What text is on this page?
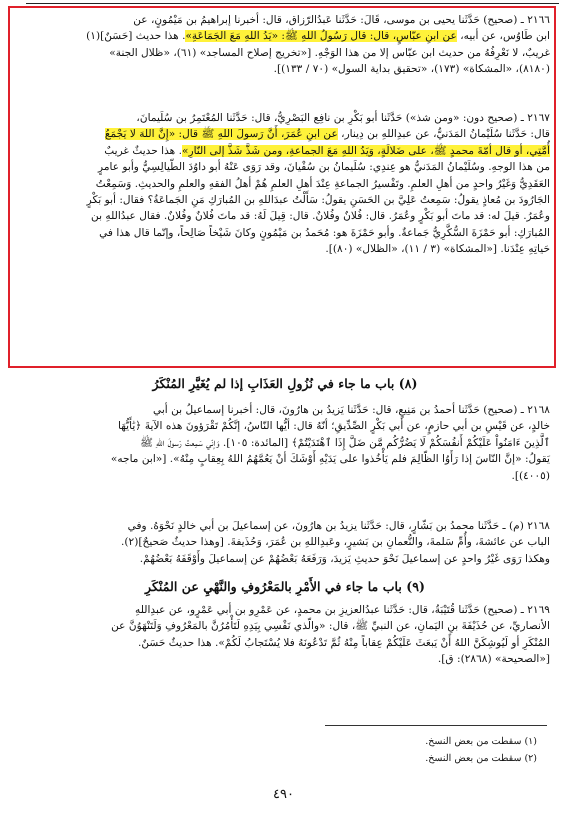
٢١٦٦ ـ (صحيح) حَدَّثَنا يحيى بن موسى، قَالَ: حَدَّثَنا عَبدُالرّزاق، قال: أخبرنا إبراهيمُ بن مَيْمُونٍ، عن
ابن طَاوُس، عن أبيه، عن ابنِ عبّاسٍ، قال: قال رَسُولُ اللهِ ﷺ: «يَدُ اللهِ مَعَ الجَمَاعَةِ». هذا حديث [حَسَنٌ](١)
غريبٌ، لا نَعْرِفُهُ من حديث ابن عبّاس إلا من هذا الوَجْهِ. [«تخريج إصلاح المساجد» (٦١)، «ظلال الجنة»
(٨١٨٠)، «المشكاة» (١٧٣)، «تحقيق بداية السول» (٧٠ / ١٣٣)].
٢١٦٧ ـ (صحيح دون: «ومن شذ») حَدَّثَنا أبو بَكْرِ بن نافِع البَصْرِيُّ، قال: حَدَّثَنا المُعْتَمِرُ بن سُلَيمانَ،
قال: حَدَّثَنا سُلَيْمانُ المَدَنيُّ، عن عبدِاللهِ بن دِينار، عن ابنِ عُمَرَ، أَنَّ رَسولَ اللهِ ﷺ قال: «إِنَّ اللهَ لا يَجْمَعُ
أُمَّتِي، أو قال أمّةَ محمدٍ ﷺ، على ضَلالَةٍ، وَيَدُ اللهِ مَعَ الجماعةِ، ومن شَذَّ شَذَّ إلى النّارِ». هذا حديثٌ غريبٌ
من هذا الوجهِ. وسُلَيْمانُ المَدَنيُّ هو عِندِي: سُلَيمانُ بن سُفْيانَ، وقد رَوَى عَنْهُ أبو داوُدَ الطّيالِسِيُّ وأبو عامرٍ
العَقَدِيُّ وَغَيْرُ واحدٍ من أهلِ العلمِ. وتَفْسيرُ الجماعةِ عِنْدَ أهلِ العلمِ هُمْ أهلُ الفقهِ والعلمِ والحديثِ. وَسَمِعْتُ
الجَارُودَ بن مُعاذٍ يقولُ: سَمِعتُ عَلِيَّ بن الحَسَنِ يقولُ: سَأَلْتُ عبدَاللهِ بن المُبارَكِ مَنِ الجَماعَةُ؟ فقال: أبو بَكْرٍ
وعُمَرُ. قيلَ له: قد ماتَ أبو بَكْرٍ وعُمَرُ. قال: فُلانٌ وفُلانٌ. قال: قِيلَ لَهُ: قد ماتَ فُلانٌ وفُلانٌ. فقال عبدُاللهِ بن
المُبارَكِ: أبو حَمْزَةَ السُّكَّرِيُّ جَماعةٌ. وأبو حَمْزَةَ هو: مُحَمدُ بن مَيْمُونٍ وكانَ شَيْخاً صَالِحاً، وإنّما قال هذا في
حَياتِهِ عِنْدَنا. [«المشكاة» (٣ / ١١)، «الظلال» (٨٠)].
(٨) باب ما جاء في نُزُولِ العَذَابِ إذا لم يُغَيَّرِ المُنْكَرُ
٢١٦٨ ـ (صحيح) حَدَّثَنا أحمدُ بن مَنِيعٍ، قال: حَدَّثَنا يَزيدُ بن هارُونَ، قال: أخبرنا إسماعيلُ بن أبي
خالدٍ، عن قَيْسِ بن أبي حازمٍ، عن أبي بَكْرٍ الصِّدِّيقِ؛ أنّهُ قال: أيُّها النّاسُ، إنَّكُمْ تَقْرَؤونَ هذه الآيةَ ﴿يَٰأَيُّهَا
ٱلَّذِينَ ءَامَنُواْ عَلَيْكُمْ أَنفُسَكُمْ لَا يَضُرُّكُم مَّن ضَلَّ إِذَا ٱهْتَدَيْتُمْ﴾ [المائدة: ١٠٥]. وَإنّي سَمِعتُ رَسولَ اللهِ ﷺ
يَقولُ: «إنَّ النّاسَ إذا رَأَوُا الظّالِمَ فلم يَأْخُذوا على يَدَيْهِ أَوْشَكَ أنْ يَعُمَّهُمُ اللهُ بِعِقابٍ مِنْهُ». [«ابن ماجه»
(٤٠٠٥)].
٢١٦٨ (م) ـ حَدَّثَنا محمدُ بن بَشّارٍ، قال: حَدَّثَنا يزيدُ بن هارُونَ، عن إسماعيلَ بن أبي خالدٍ نَحْوَهُ. وفي
الباب عن عائشةَ، وأُمِّ سَلمةَ، والنُّعمانِ بن بَشيرٍ، وعَبدِاللهِ بن عُمَرَ، وَحُذَيفةَ. [وهذا حديثٌ صَحيحٌ](٢).
وهكذا رَوَى غَيْرُ واحدٍ عن إسماعيلَ نَحْوَ حديثِ يَزيدَ، وَرَفَعَهُ بَعْضُهُمْ عن إسماعيلَ وأَوْقَفَهُ بَعْضُهُمْ.
(٩) باب ما جاء في الأَمْرِ بالمَعْرُوفِ والنَّهْيِ عن المُنْكَرِ
٢١٦٩ ـ (صحيح) حَدَّثَنا قُتَيْبَةُ، قال: حَدَّثَنا عبدُالعزيزِ بن محمدٍ، عن عَمْرِو بن أبي عَمْرٍو، عن عبدِاللهِ
الأنصاريِّ، عن حُذَيْفَةَ بنِ اليَمانِ، عن النبيِّ ﷺ، قال: «والّذي نَفْسِي بِيَدِهِ لَتَأْمُرُنَّ بالمَعْرُوفِ وَلَتَنْهَوُنَّ عن
المُنْكَرِ أو لَيُوشِكَنَّ اللهُ أَنْ يَبعَثَ عَلَيْكُمْ عِقاباً مِنْهُ ثُمَّ تَدْعُونَهُ فلا يُسْتَجابُ لَكُمْ». هذا حديثٌ حَسَنٌ.
[«الصحيحة» (٢٨٦٨): ق].
(١) سقطت من بعض النسخ.
(٢) سقطت من بعض النسخ.
٤٩٠
